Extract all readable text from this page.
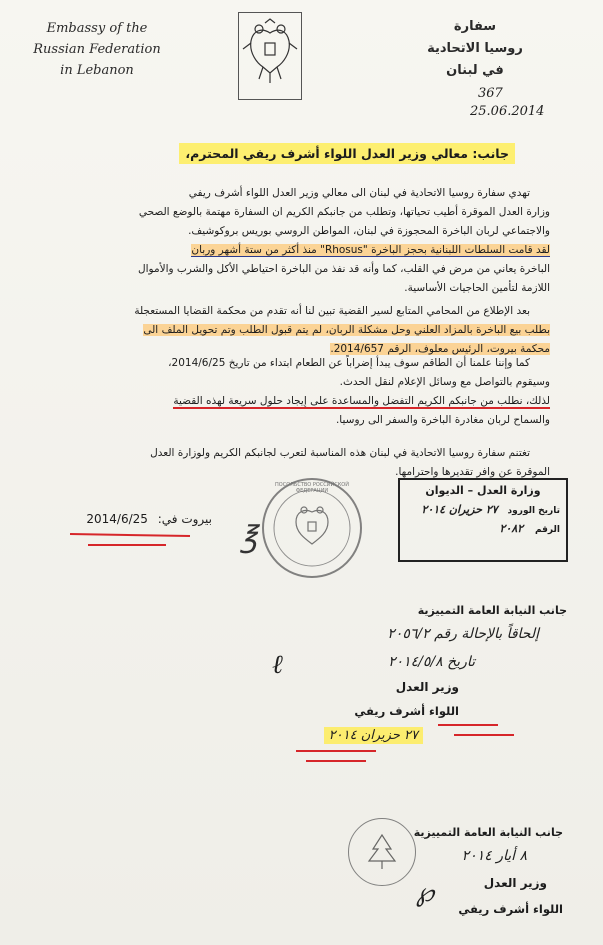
Embassy of the
Russian Federation
in Lebanon
سفارة
روسيا الاتحادية
في لبنان
367
25.06.2014
جانب: معالي وزير العدل اللواء أشرف ريفي المحترم،
تهدي سفارة روسيا الاتحادية في لبنان الى معالي وزير العدل اللواء أشرف ريفي
وزارة العدل الموقرة أطيب تحياتها، وتطلب من جانبكم الكريم ان السفارة مهتمة بالوضع الصحي
والاجتماعي لربان الباخرة المحجوزة في لبنان، المواطن الروسي بوريس بروكوشيف.
لقد قامت السلطات اللبنانية بحجز الباخرة "Rhosus" منذ أكثر من ستة أشهر وربان
الباخرة يعاني من مرض في القلب، كما وأنه قد نفذ من الباخرة احتياطي الأكل والشرب والأموال
اللازمة لتأمين الحاجيات الأساسية.
بعد الإطلاع من المحامي المتابع لسير القضية تبين لنا أنه تقدم من محكمة القضايا المستعجلة
بطلب بيع الباخرة بالمزاد العلني وحل مشكلة الربان، لم يتم قبول الطلب وتم تحويل الملف الى
محكمة بيروت، الرئيس معلوف، الرقم 2014/657.
كما وإننا علمنا أن الطاقم سوف يبدأ إضراباً عن الطعام ابتداء من تاريخ 2014/6/25،
وسيقوم بالتواصل مع وسائل الإعلام لنقل الحدث.
لذلك، نطلب من جانبكم الكريم التفضل والمساعدة على إيجاد حلول سريعة لهذه القضية
والسماح لربان مغادرة الباخرة والسفر الى روسيا.
تغتنم سفارة روسيا الاتحادية في لبنان هذه المناسبة لتعرب لجانبكم الكريم ولوزارة العدل
الموقرة عن وافر تقديرها واحترامها.
بيروت في: 2014/6/25
ПОСОЛЬСТВО РОССИЙСКОЙ ФЕДЕРАЦИИ
℥
وزارة العدل – الديوان
تاريخ الورود ٢٧ حزيران ٢٠١٤
الرقم ٢٠٨٢
جانب النيابة العامة التمييزية
إلحاقاً بالإحالة رقم ٢٠٥٦/٢
تاريخ ٢٠١٤/٥/٨
ℓ
وزير العدل
اللواء أشرف ريفي
٢٧ حزيران ٢٠١٤
جانب النيابة العامة التمييزية
٨ أيار ٢٠١٤
وزير العدل
℘
اللواء أشرف ريفي
